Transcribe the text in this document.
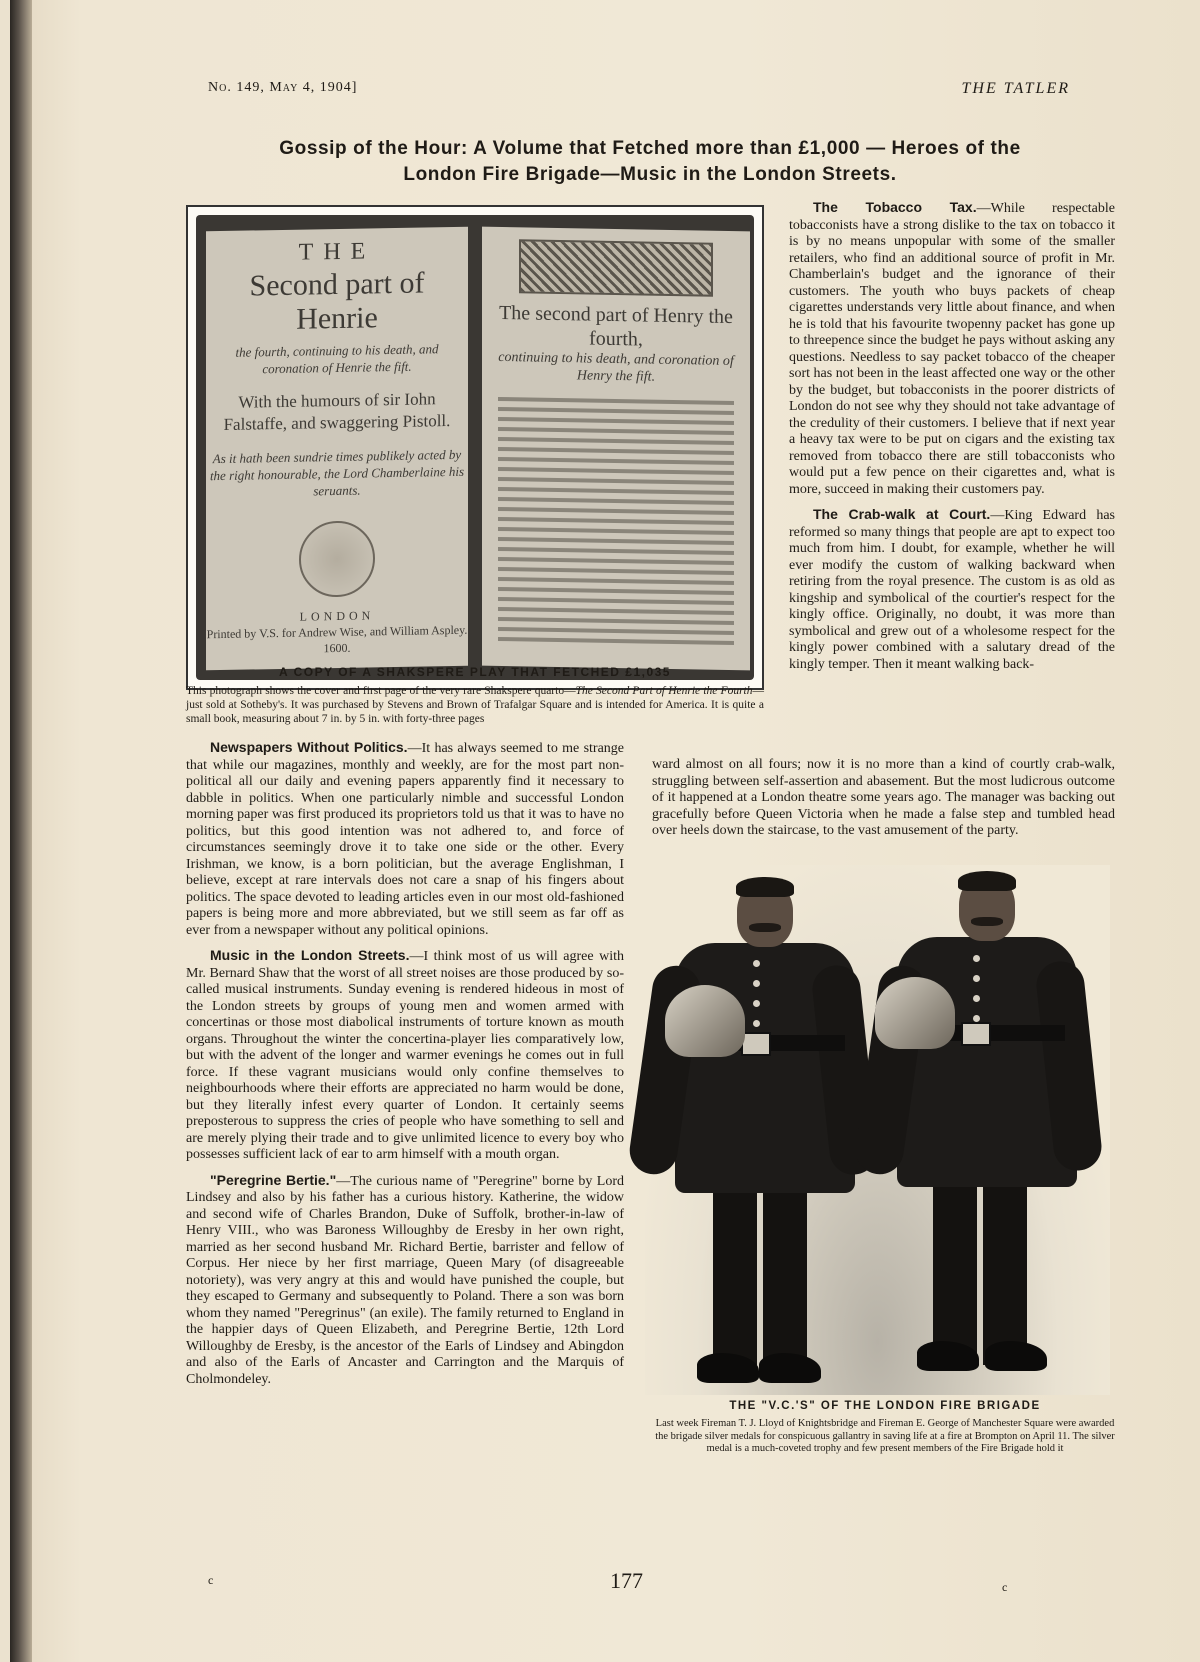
No. 149, May 4, 1904]	THE TATLER
Gossip of the Hour: A Volume that Fetched more than £1,000 — Heroes of the
London Fire Brigade—Music in the London Streets.
THE
Second part of Henrie
the fourth, continuing to his death, and coronation of Henrie the fift.
With the humours of sir Iohn Falstaffe, and swaggering Pistoll.
As it hath been sundrie times publikely acted by the right honourable, the Lord Chamberlaine his seruants.
LONDON
Printed by V.S. for Andrew Wise, and William Aspley. 1600.
The second part of Henry the fourth,
continuing to his death, and coronation of Henry the fift.
A COPY OF A SHAKSPERE PLAY THAT FETCHED £1,035
This photograph shows the cover and first page of the very rare Shakspere quarto—The Second Part of Henrie the Fourth—just sold at Sotheby's. It was purchased by Stevens and Brown of Trafalgar Square and is intended for America. It is quite a small book, measuring about 7 in. by 5 in. with forty-three pages

The Tobacco Tax.—While respectable tobacconists have a strong dislike to the tax on tobacco it is by no means unpopular with some of the smaller retailers, who find an additional source of profit in Mr. Chamberlain's budget and the ignorance of their customers. The youth who buys packets of cheap cigarettes understands very little about finance, and when he is told that his favourite twopenny packet has gone up to threepence since the budget he pays without asking any questions. Needless to say packet tobacco of the cheaper sort has not been in the least affected one way or the other by the budget, but tobacconists in the poorer districts of London do not see why they should not take advantage of the credulity of their customers. I believe that if next year a heavy tax were to be put on cigars and the existing tax removed from tobacco there are still tobacconists who would put a few pence on their cigarettes and, what is more, succeed in making their customers pay.

The Crab-walk at Court.—King Edward has reformed so many things that people are apt to expect too much from him. I doubt, for example, whether he will ever modify the custom of walking backward when retiring from the royal presence. The custom is as old as kingship and symbolical of the courtier's respect for the kingly office. Originally, no doubt, it was more than symbolical and grew out of a wholesome respect for the kingly power combined with a salutary dread of the kingly temper. Then it meant walking back-

ward almost on all fours; now it is no more than a kind of courtly crab-walk, struggling between self-assertion and abasement. But the most ludicrous outcome of it happened at a London theatre some years ago. The manager was backing out gracefully before Queen Victoria when he made a false step and tumbled head over heels down the staircase, to the vast amusement of the party.

Newspapers Without Politics.—It has always seemed to me strange that while our magazines, monthly and weekly, are for the most part non-political all our daily and evening papers apparently find it necessary to dabble in politics. When one particularly nimble and successful London morning paper was first produced its proprietors told us that it was to have no politics, but this good intention was not adhered to, and force of circumstances seemingly drove it to take one side or the other. Every Irishman, we know, is a born politician, but the average Englishman, I believe, except at rare intervals does not care a snap of his fingers about politics. The space devoted to leading articles even in our most old-fashioned papers is being more and more abbreviated, but we still seem as far off as ever from a newspaper without any political opinions.

Music in the London Streets.—I think most of us will agree with Mr. Bernard Shaw that the worst of all street noises are those produced by so-called musical instruments. Sunday evening is rendered hideous in most of the London streets by groups of young men and women armed with concertinas or those most diabolical instruments of torture known as mouth organs. Throughout the winter the concertina-player lies comparatively low, but with the advent of the longer and warmer evenings he comes out in full force. If these vagrant musicians would only confine themselves to neighbourhoods where their efforts are appreciated no harm would be done, but they literally infest every quarter of London. It certainly seems preposterous to suppress the cries of people who have something to sell and are merely plying their trade and to give unlimited licence to every boy who possesses sufficient lack of ear to arm himself with a mouth organ.

"Peregrine Bertie."—The curious name of "Peregrine" borne by Lord Lindsey and also by his father has a curious history. Katherine, the widow and second wife of Charles Brandon, Duke of Suffolk, brother-in-law of Henry VIII., who was Baroness Willoughby de Eresby in her own right, married as her second husband Mr. Richard Bertie, barrister and fellow of Corpus. Her niece by her first marriage, Queen Mary (of disagreeable notoriety), was very angry at this and would have punished the couple, but they escaped to Germany and subsequently to Poland. There a son was born whom they named "Peregrinus" (an exile). The family returned to England in the happier days of Queen Elizabeth, and Peregrine Bertie, 12th Lord Willoughby de Eresby, is the ancestor of the Earls of Lindsey and Abingdon and also of the Earls of Ancaster and Carrington and the Marquis of Cholmondeley.

THE "V.C.'S" OF THE LONDON FIRE BRIGADE
Last week Fireman T. J. Lloyd of Knightsbridge and Fireman E. George of Manchester Square were awarded the brigade silver medals for conspicuous gallantry in saving life at a fire at Brompton on April 11. The silver medal is a much-coveted trophy and few present members of the Fire Brigade hold it
177
c	c
